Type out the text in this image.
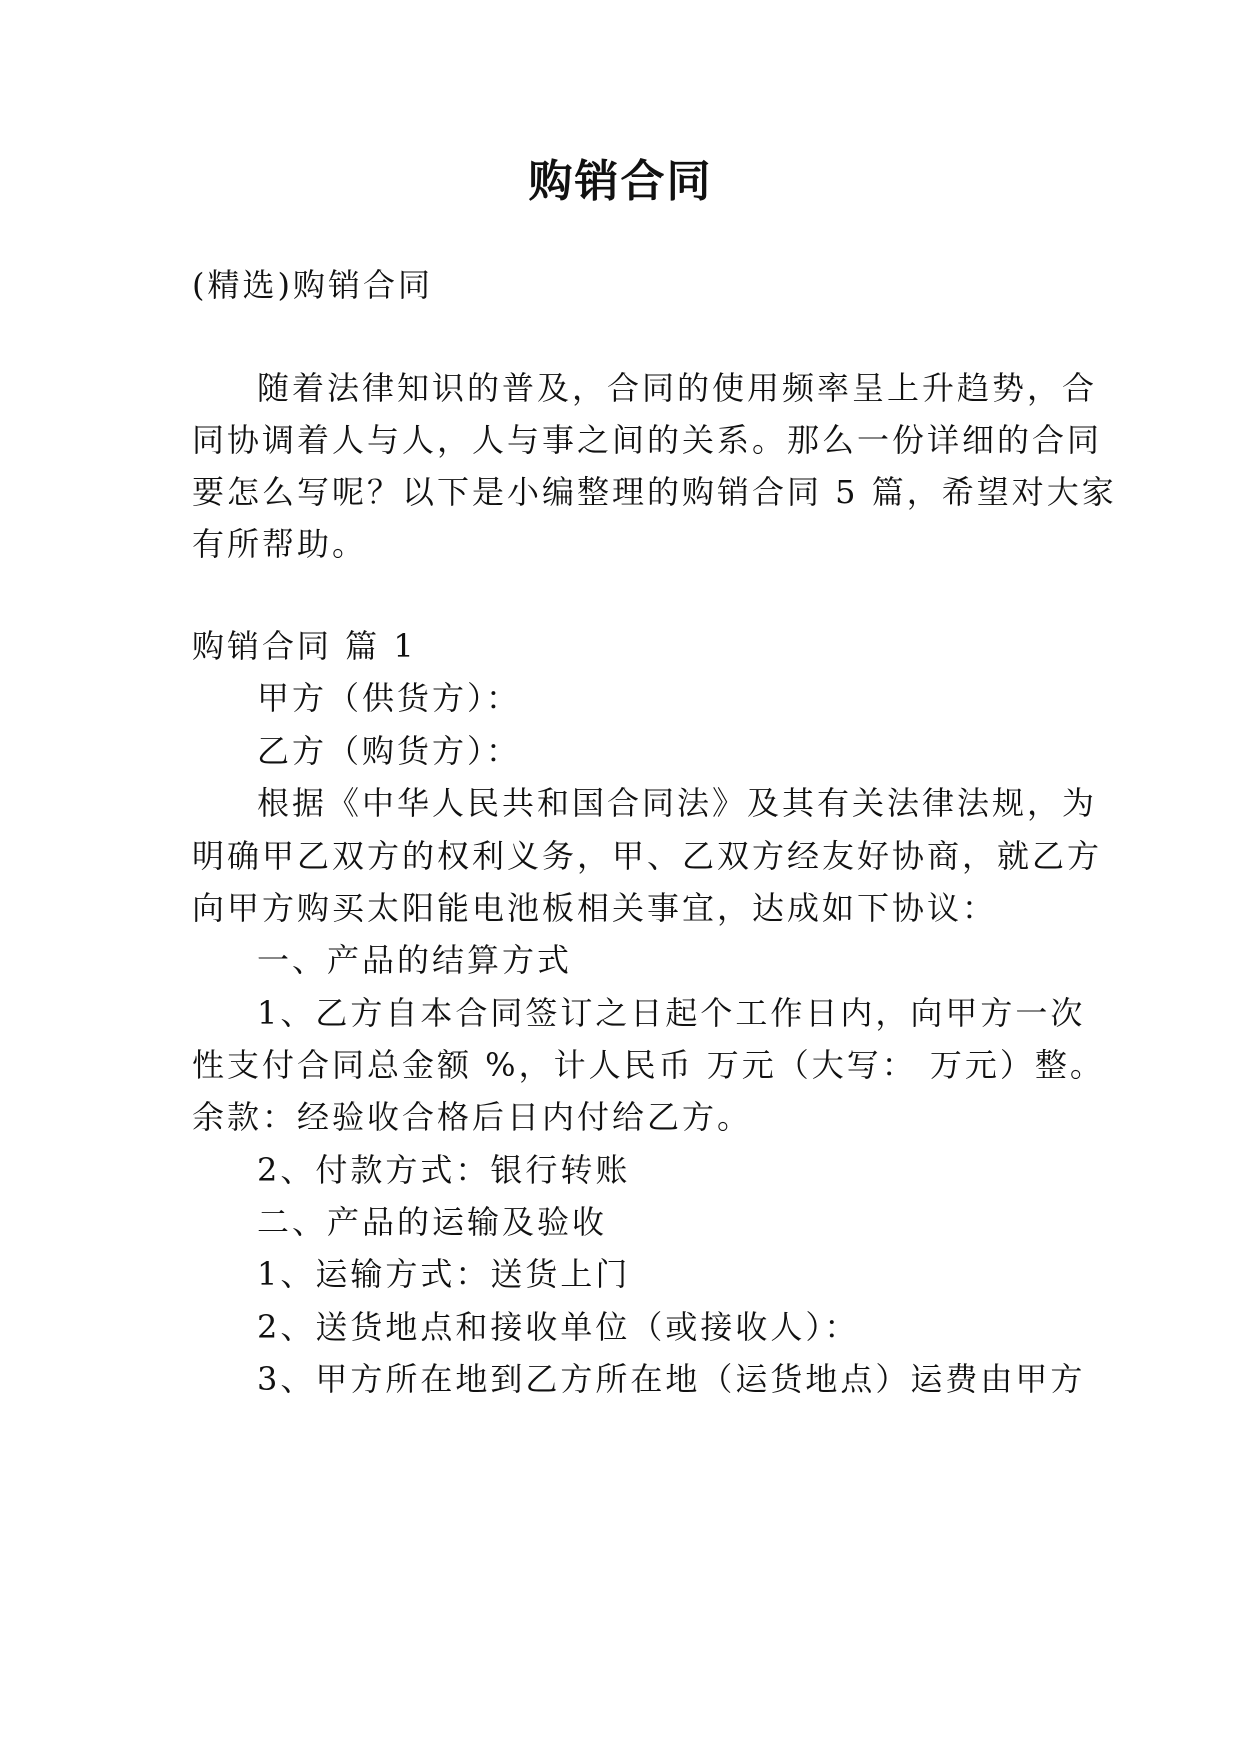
购销合同
(精选)购销合同
随着法律知识的普及，合同的使用频率呈上升趋势，合
同协调着人与人，人与事之间的关系。那么一份详细的合同
要怎么写呢？以下是小编整理的购销合同 5 篇，希望对大家
有所帮助。
购销合同 篇 1
甲方（供货方）：
乙方（购货方）：
根据《中华人民共和国合同法》及其有关法律法规，为
明确甲乙双方的权利义务，甲、乙双方经友好协商，就乙方
向甲方购买太阳能电池板相关事宜，达成如下协议：
一、产品的结算方式
1、乙方自本合同签订之日起个工作日内，向甲方一次
性支付合同总金额 %，计人民币 万元（大写： 万元）整。
余款：经验收合格后日内付给乙方。
2、付款方式：银行转账
二、产品的运输及验收
1、运输方式：送货上门
2、送货地点和接收单位（或接收人）：
3、甲方所在地到乙方所在地（运货地点）运费由甲方
